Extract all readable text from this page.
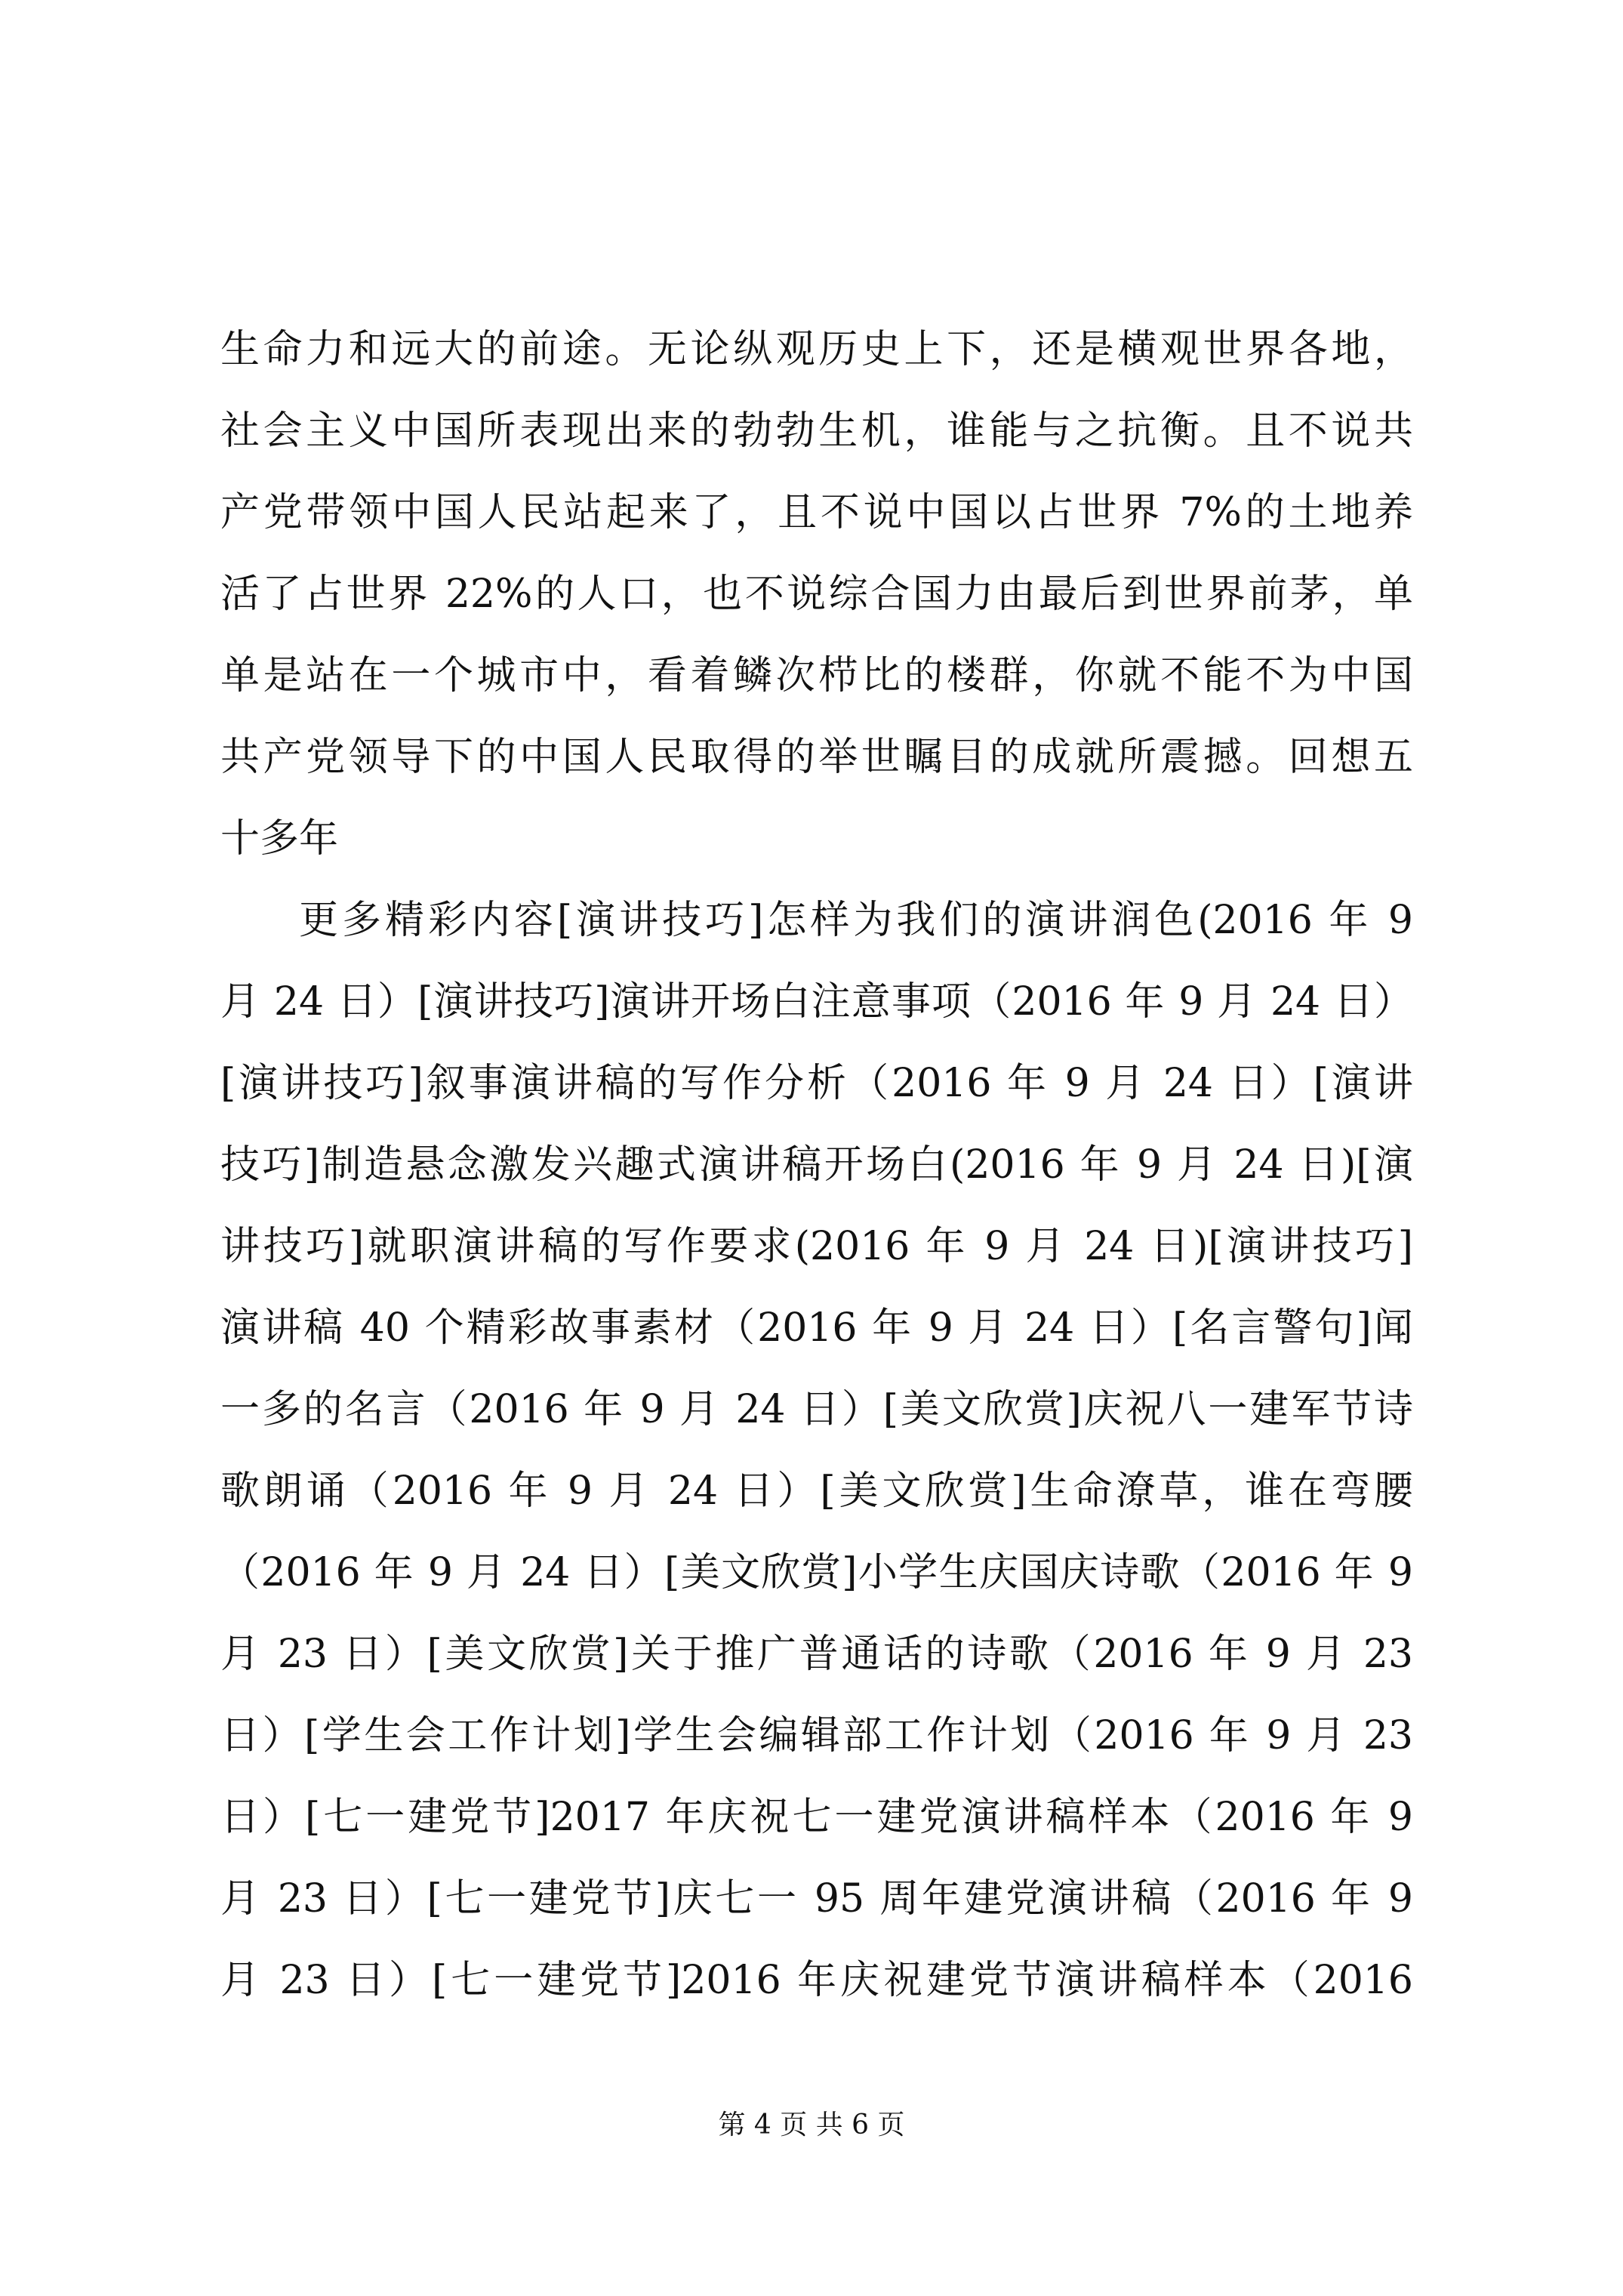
生命力和远大的前途。无论纵观历史上下，还是横观世界各地，
社会主义中国所表现出来的勃勃生机，谁能与之抗衡。且不说共
产党带领中国人民站起来了，且不说中国以占世界 7%的土地养
活了占世界 22%的人口，也不说综合国力由最后到世界前茅，单
单是站在一个城市中，看着鳞次栉比的楼群，你就不能不为中国
共产党领导下的中国人民取得的举世瞩目的成就所震撼。回想五
十多年
更多精彩内容[演讲技巧]怎样为我们的演讲润色(2016 年 9
月 24 日）[演讲技巧]演讲开场白注意事项（2016 年 9 月 24 日）
[演讲技巧]叙事演讲稿的写作分析（2016 年 9 月 24 日）[演讲
技巧]制造悬念激发兴趣式演讲稿开场白(2016 年 9 月 24 日)[演
讲技巧]就职演讲稿的写作要求(2016 年 9 月 24 日)[演讲技巧]
演讲稿 40 个精彩故事素材（2016 年 9 月 24 日）[名言警句]闻
一多的名言（2016 年 9 月 24 日）[美文欣赏]庆祝八一建军节诗
歌朗诵（2016 年 9 月 24 日）[美文欣赏]生命潦草，谁在弯腰
（2016 年 9 月 24 日）[美文欣赏]小学生庆国庆诗歌（2016 年 9
月 23 日）[美文欣赏]关于推广普通话的诗歌（2016 年 9 月 23
日）[学生会工作计划]学生会编辑部工作计划（2016 年 9 月 23
日）[七一建党节]2017 年庆祝七一建党演讲稿样本（2016 年 9
月 23 日）[七一建党节]庆七一 95 周年建党演讲稿（2016 年 9
月 23 日）[七一建党节]2016 年庆祝建党节演讲稿样本（2016
第 4 页 共 6 页
